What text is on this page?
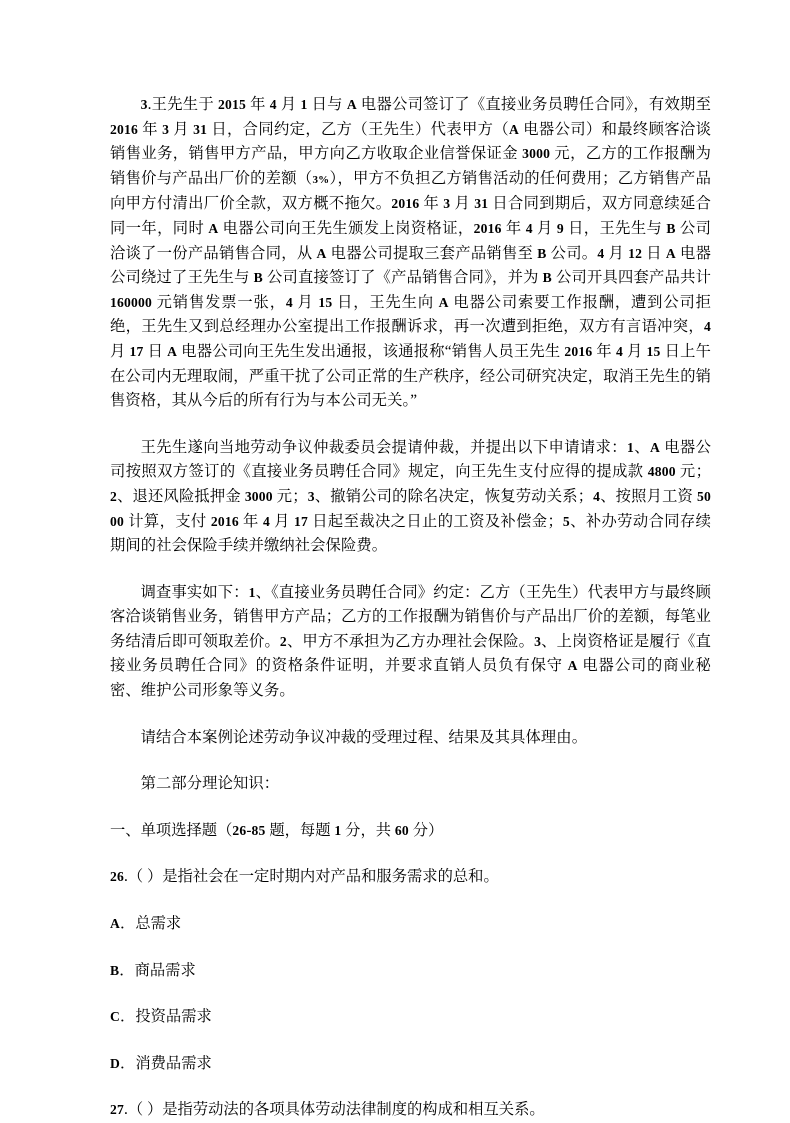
3.王先生于 2015 年 4 月 1 日与 A 电器公司签订了《直接业务员聘任合同》，有效期至 2016 年 3 月 31 日，合同约定，乙方（王先生）代表甲方（A 电器公司）和最终顾客洽谈销售业务，销售甲方产品，甲方向乙方收取企业信誉保证金 3000 元，乙方的工作报酬为销售价与产品出厂价的差额（3%），甲方不负担乙方销售活动的任何费用；乙方销售产品向甲方付清出厂价全款，双方概不拖欠。2016 年 3 月 31 日合同到期后，双方同意续延合同一年，同时 A 电器公司向王先生颁发上岗资格证，2016 年 4 月 9 日，王先生与 B 公司洽谈了一份产品销售合同，从 A 电器公司提取三套产品销售至 B 公司。4 月 12 日 A 电器公司绕过了王先生与 B 公司直接签订了《产品销售合同》，并为 B 公司开具四套产品共计 160000 元销售发票一张，4 月 15 日，王先生向 A 电器公司索要工作报酬，遭到公司拒绝，王先生又到总经理办公室提出工作报酬诉求，再一次遭到拒绝，双方有言语冲突，4 月 17 日 A 电器公司向王先生发出通报，该通报称“销售人员王先生 2016 年 4 月 15 日上午在公司内无理取闹，严重干扰了公司正常的生产秩序，经公司研究决定，取消王先生的销售资格，其从今后的所有行为与本公司无关。”

王先生遂向当地劳动争议仲裁委员会提请仲裁，并提出以下申请请求：1、A 电器公司按照双方签订的《直接业务员聘任合同》规定，向王先生支付应得的提成款 4800 元；2、退还风险抵押金 3000 元；3、撤销公司的除名决定，恢复劳动关系；4、按照月工资 5000 计算，支付 2016 年 4 月 17 日起至裁决之日止的工资及补偿金；5、补办劳动合同存续期间的社会保险手续并缴纳社会保险费。

调查事实如下：1、《直接业务员聘任合同》约定：乙方（王先生）代表甲方与最终顾客洽谈销售业务，销售甲方产品；乙方的工作报酬为销售价与产品出厂价的差额，每笔业务结清后即可领取差价。2、甲方不承担为乙方办理社会保险。3、上岗资格证是履行《直接业务员聘任合同》的资格条件证明，并要求直销人员负有保守 A 电器公司的商业秘密、维护公司形象等义务。

请结合本案例论述劳动争议冲裁的受理过程、结果及其具体理由。

第二部分理论知识：

一、单项选择题（26-85 题，每题 1 分，共 60 分）

26.（ ）是指社会在一定时期内对产品和服务需求的总和。

A．总需求

B．商品需求

C．投资品需求

D．消费品需求

27.（ ）是指劳动法的各项具体劳动法律制度的构成和相互关系。
